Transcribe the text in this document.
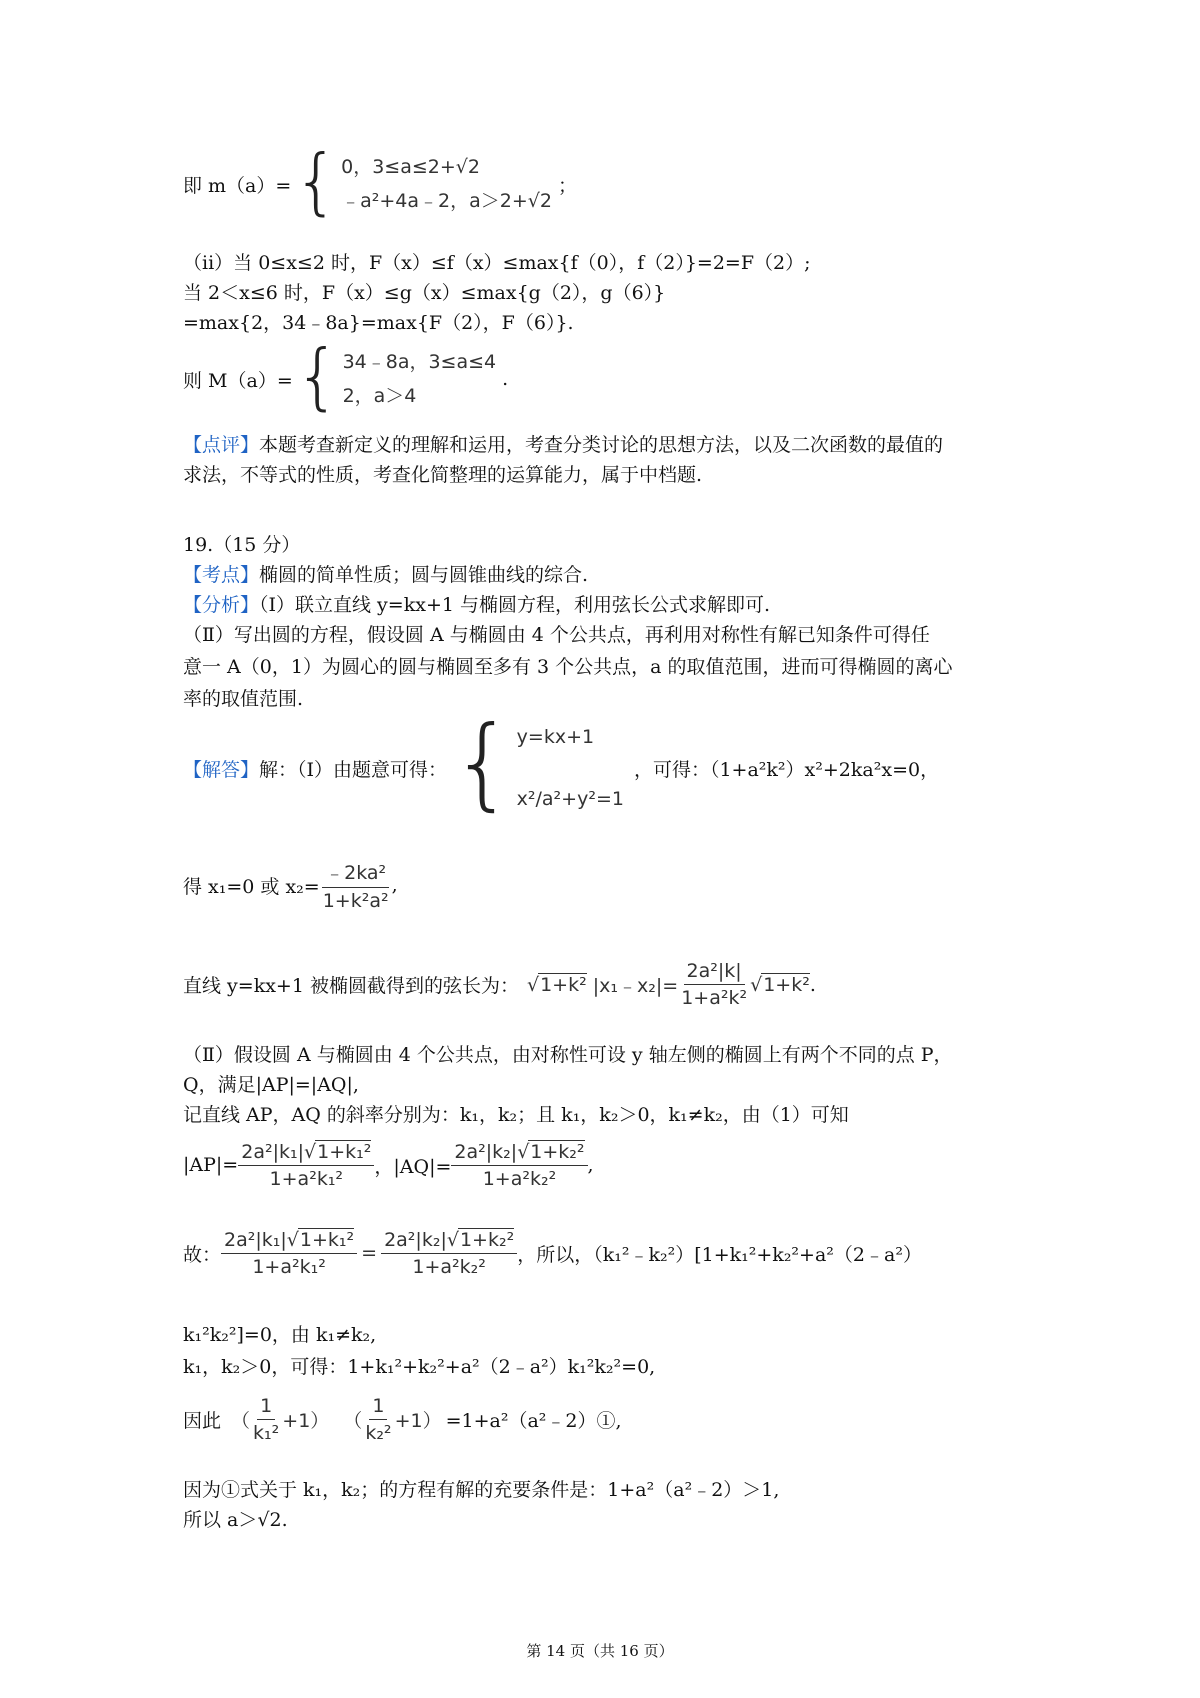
即 m（a）= { 0，3≤a≤2+√2
﹣a²+4a﹣2，a＞2+√2
；
（ii）当 0≤x≤2 时，F（x）≤f（x）≤max{f（0），f（2）}=2=F（2）;
当 2＜x≤6 时，F（x）≤g（x）≤max{g（2），g（6）}
=max{2，34﹣8a}=max{F（2），F（6）}.
则 M（a）= { 34﹣8a，3≤a≤4
2，a＞4
.
【点评】本题考查新定义的理解和运用，考查分类讨论的思想方法，以及二次函数的最值的
求法，不等式的性质，考查化简整理的运算能力，属于中档题.
19.（15 分）
【考点】椭圆的简单性质；圆与圆锥曲线的综合.
【分析】（Ⅰ）联立直线 y=kx+1 与椭圆方程，利用弦长公式求解即可.
（Ⅱ）写出圆的方程，假设圆 A 与椭圆由 4 个公共点，再利用对称性有解已知条件可得任
意一 A（0，1）为圆心的圆与椭圆至多有 3 个公共点，a 的取值范围，进而可得椭圆的离心
率的取值范围.
【解答】解：（Ⅰ）由题意可得： { y=kx+1
x²/a²+y²=1
，可得：（1+a²k²）x²+2ka²x=0，
得 x₁=0 或 $x_2= \frac{\text{﹣2ka²}}{\text{1+k²a²}}$ ,
直线 y=kx+1 被椭圆截得到的弦长为： √1+k² |x₁﹣x₂|= $\frac{\text{2a²|k|}}{\text{1+a²k²}} √1+k^2$ .
（Ⅱ）假设圆 A 与椭圆由 4 个公共点，由对称性可设 y 轴左侧的椭圆上有两个不同的点 P，
Q，满足|AP|=|AQ|,
记直线 AP，AQ 的斜率分别为：k₁，k₂；且 k₁，k₂＞0，k₁≠k₂，由（1）可知
$|AP|= \frac{\text{2a²|k₁|√1+k₁²}}{\text{1+a²k₁²}}$ ，$|AQ|= \frac{\text{2a²|k₂|√1+k₂²}}{\text{1+a²k₂²}}$ ,
故： $\frac{\text{2a²|k₁|√1+k₁²}}{\text{1+a²k₁²}} = \frac{\text{2a²|k₂|√1+k₂²}}{\text{1+a²k₂²}}$ ，所以，（k₁²﹣k₂²）[1+k₁²+k₂²+a²（2﹣a²）
k₁²k₂²]=0，由 k₁≠k₂,
k₁，k₂＞0，可得：1+k₁²+k₂²+a²（2﹣a²）k₁²k₂²=0,
因此 （ $\frac{1}{\text{k₁²}} +1$） （ $\frac{1}{\text{k₂²}} +1$） =1+a²（a²﹣2）①,
因为①式关于 k₁，k₂；的方程有解的充要条件是：1+a²（a²﹣2）＞1,
所以 a＞√2.
第 14 页（共 16 页）
